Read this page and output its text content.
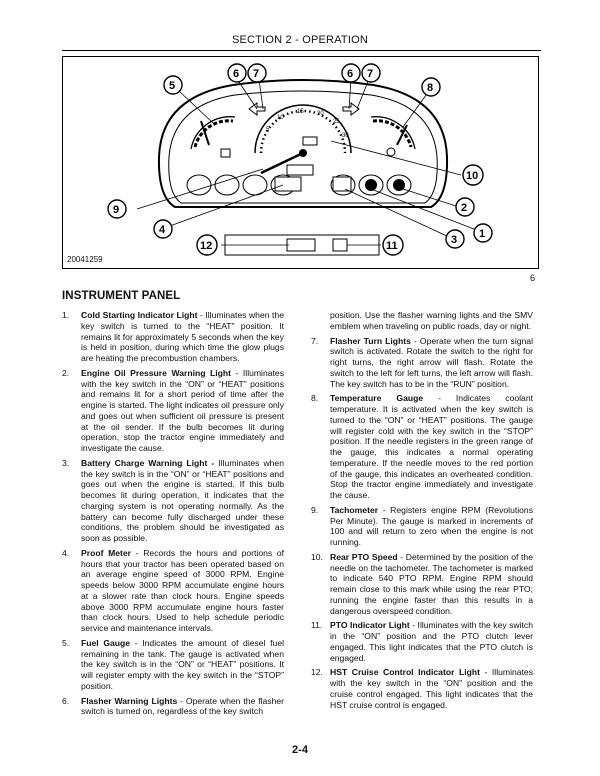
SECTION 2 - OPERATION
5
10
15 20
25
30
5
6 7	6 7
8
10
9
4
2
3 1
12	11
20041259
6
INSTRUMENT PANEL
1.	Cold Starting Indicator Light - Illuminates when the key switch is turned to the “HEAT” position. It remains lit for approximately 5 seconds when the key is held in position, during which time the glow plugs are heating the precombustion chambers.
2.	Engine Oil Pressure Warning Light - Illuminates with the key switch in the “ON” or “HEAT” positions and remains lit for a short period of time after the engine is started. The light indicates oil pressure only and goes out when sufficient oil pressure is present at the oil sender. If the bulb becomes lit during operation, stop the tractor engine immediately and investigate the cause.
3.	Battery Charge Warning Light - Illuminates when the key switch is in the “ON” or “HEAT” positions and goes out when the engine is started. If this bulb becomes lit during operation, it indicates that the charging system is not operating normally. As the battery can become fully discharged under these conditions, the problem should be investigated as soon as possible.
4.	Proof Meter - Records the hours and portions of hours that your tractor has been operated based on an average engine speed of 3000 RPM. Engine speeds below 3000 RPM accumulate engine hours at a slower rate than clock hours. Engine speeds above 3000 RPM accumulate engine hours faster than clock hours. Used to help schedule periodic service and maintenance intervals.
5.	Fuel Gauge - Indicates the amount of diesel fuel remaining in the tank. The gauge is activated when the key switch is in the “ON” or “HEAT” positions. It will register empty with the key switch in the “STOP” position.
6.	Flasher Warning Lights - Operate when the flasher switch is turned on, regardless of the key switch
position. Use the flasher warning lights and the SMV emblem when traveling on public roads, day or night.
7.	Flasher Turn Lights - Operate when the turn signal switch is activated. Rotate the switch to the right for right turns, the right arrow will flash. Rotate the switch to the left for left turns, the left arrow will flash. The key switch has to be in the “RUN” position.
8.	Temperature Gauge - Indicates coolant temperature. It is activated when the key switch is turned to the “ON” or “HEAT” positions. The gauge will register cold with the key switch in the “STOP” position. If the needle registers in the green range of the gauge, this indicates a normal operating temperature. If the needle moves to the red portion of the gauge, this indicates an overheated condition. Stop the tractor engine immediately and investigate the cause.
9.	Tachometer - Registers engine RPM (Revolutions Per Minute). The gauge is marked in increments of 100 and will return to zero when the engine is not running.
10. Rear PTO Speed - Determined by the position of the needle on the tachometer. The tachometer is marked to indicate 540 PTO RPM. Engine RPM should remain close to this mark while using the rear PTO; running the engine faster than this results in a dangerous overspeed condition.
11. PTO Indicator Light - Illuminates with the key switch in the “ON” position and the PTO clutch lever engaged. This light indicates that the PTO clutch is engaged.
12. HST Cruise Control Indicator Light - Illuminates with the key switch in the “ON” position and the cruise control engaged. This light indicates that the HST cruise control is engaged.
2-4
